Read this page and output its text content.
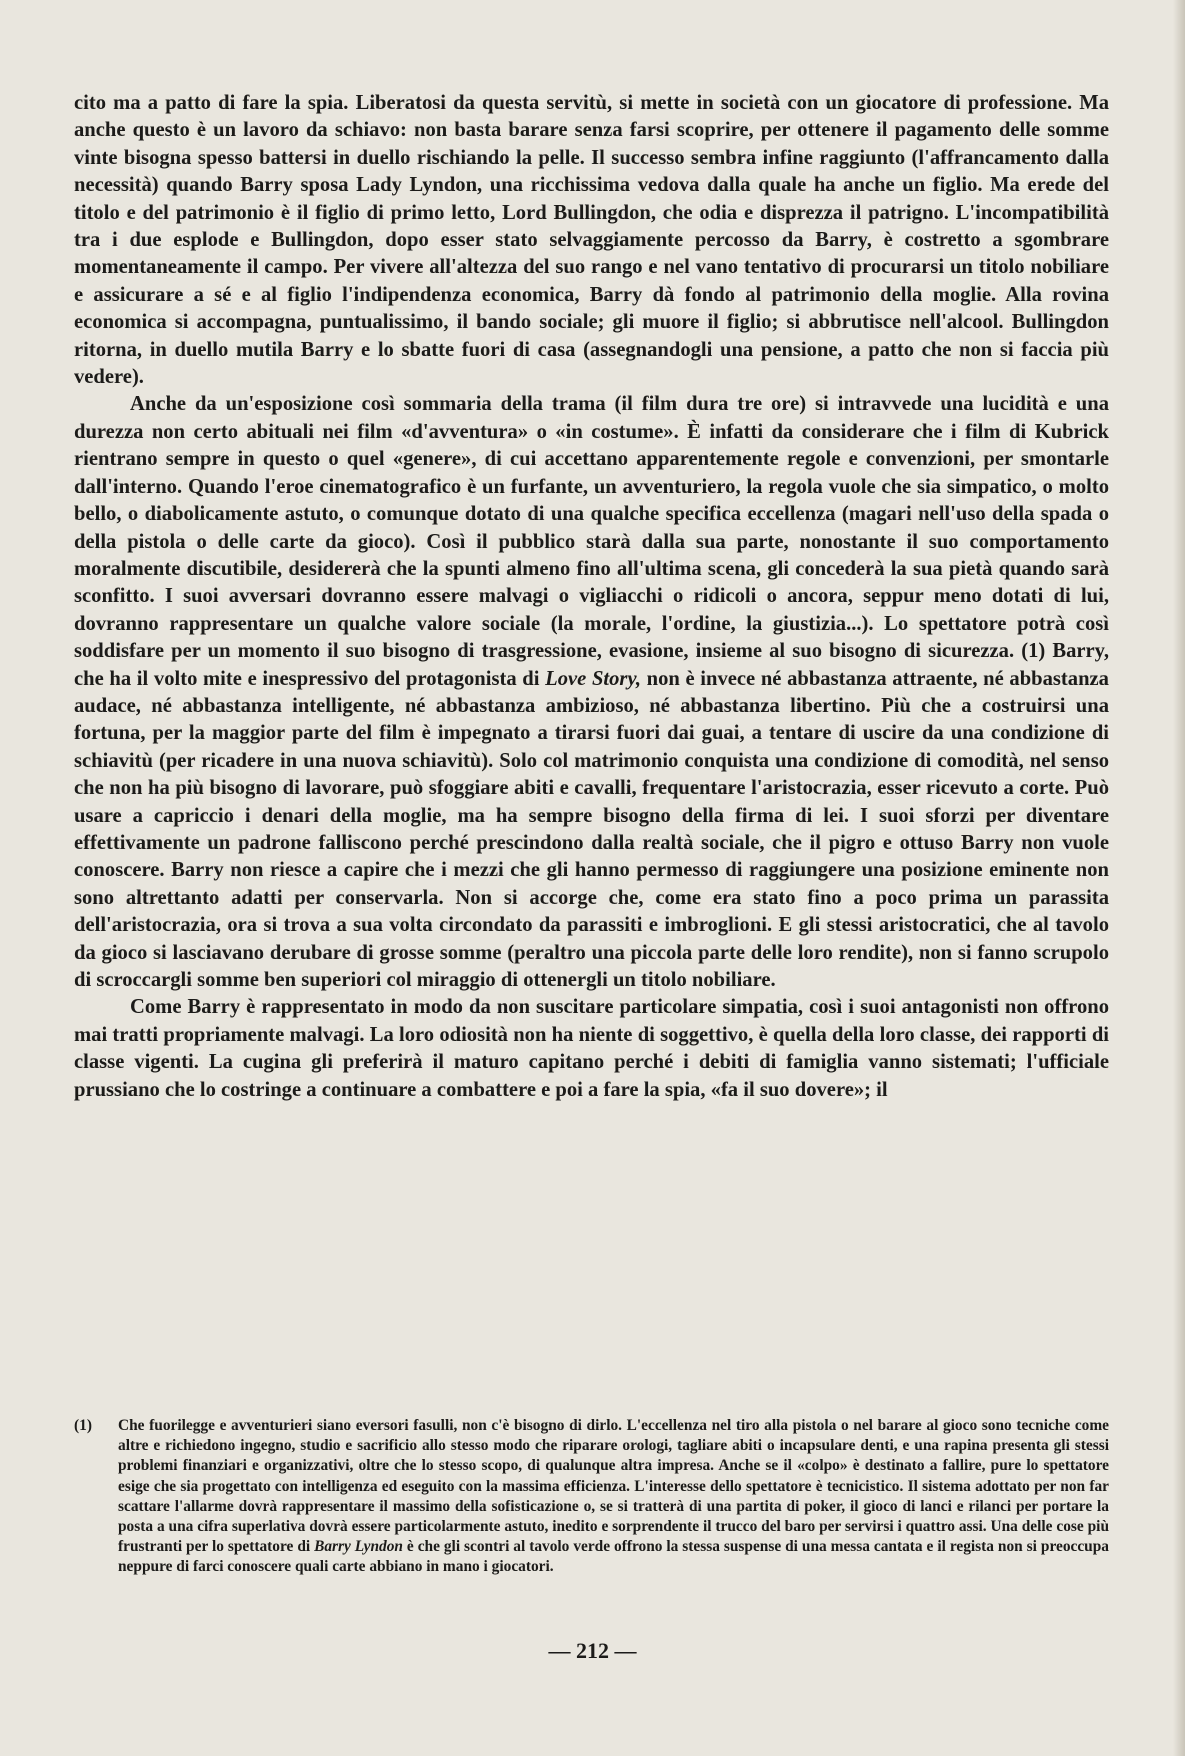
cito ma a patto di fare la spia. Liberatosi da questa servitù, si mette in società con un giocatore di professione. Ma anche questo è un lavoro da schiavo: non basta barare senza farsi scoprire, per ottenere il pagamento delle somme vinte bisogna spesso battersi in duello rischiando la pelle. Il successo sembra infine raggiunto (l'affrancamento dalla necessità) quando Barry sposa Lady Lyndon, una ricchissima vedova dalla quale ha anche un figlio. Ma erede del titolo e del patrimonio è il figlio di primo letto, Lord Bullingdon, che odia e disprezza il patrigno. L'incompatibilità tra i due esplode e Bullingdon, dopo esser stato selvaggiamente percosso da Barry, è costretto a sgombrare momentaneamente il campo. Per vivere all'altezza del suo rango e nel vano tentativo di procurarsi un titolo nobiliare e assicurare a sé e al figlio l'indipendenza economica, Barry dà fondo al patrimonio della moglie. Alla rovina economica si accompagna, puntualissimo, il bando sociale; gli muore il figlio; si abbrutisce nell'alcool. Bullingdon ritorna, in duello mutila Barry e lo sbatte fuori di casa (assegnandogli una pensione, a patto che non si faccia più vedere).

Anche da un'esposizione così sommaria della trama (il film dura tre ore) si intravvede una lucidità e una durezza non certo abituali nei film «d'avventura» o «in costume». È infatti da considerare che i film di Kubrick rientrano sempre in questo o quel «genere», di cui accettano apparentemente regole e convenzioni, per smontarle dall'interno. Quando l'eroe cinematografico è un furfante, un avventuriero, la regola vuole che sia simpatico, o molto bello, o diabolicamente astuto, o comunque dotato di una qualche specifica eccellenza (magari nell'uso della spada o della pistola o delle carte da gioco). Così il pubblico starà dalla sua parte, nonostante il suo comportamento moralmente discutibile, desidererà che la spunti almeno fino all'ultima scena, gli concederà la sua pietà quando sarà sconfitto. I suoi avversari dovranno essere malvagi o vigliacchi o ridicoli o ancora, seppur meno dotati di lui, dovranno rappresentare un qualche valore sociale (la morale, l'ordine, la giustizia...). Lo spettatore potrà così soddisfare per un momento il suo bisogno di trasgressione, evasione, insieme al suo bisogno di sicurezza. (1) Barry, che ha il volto mite e inespressivo del protagonista di Love Story, non è invece né abbastanza attraente, né abbastanza audace, né abbastanza intelligente, né abbastanza ambizioso, né abbastanza libertino. Più che a costruirsi una fortuna, per la maggior parte del film è impegnato a tirarsi fuori dai guai, a tentare di uscire da una condizione di schiavitù (per ricadere in una nuova schiavitù). Solo col matrimonio conquista una condizione di comodità, nel senso che non ha più bisogno di lavorare, può sfoggiare abiti e cavalli, frequentare l'aristocrazia, esser ricevuto a corte. Può usare a capriccio i denari della moglie, ma ha sempre bisogno della firma di lei. I suoi sforzi per diventare effettivamente un padrone falliscono perché prescindono dalla realtà sociale, che il pigro e ottuso Barry non vuole conoscere. Barry non riesce a capire che i mezzi che gli hanno permesso di raggiungere una posizione eminente non sono altrettanto adatti per conservarla. Non si accorge che, come era stato fino a poco prima un parassita dell'aristocrazia, ora si trova a sua volta circondato da parassiti e imbroglioni. E gli stessi aristocratici, che al tavolo da gioco si lasciavano derubare di grosse somme (peraltro una piccola parte delle loro rendite), non si fanno scrupolo di scroccargli somme ben superiori col miraggio di ottenergli un titolo nobiliare.

Come Barry è rappresentato in modo da non suscitare particolare simpatia, così i suoi antagonisti non offrono mai tratti propriamente malvagi. La loro odiosità non ha niente di soggettivo, è quella della loro classe, dei rapporti di classe vigenti. La cugina gli preferirà il maturo capitano perché i debiti di famiglia vanno sistemati; l'ufficiale prussiano che lo costringe a continuare a combattere e poi a fare la spia, «fa il suo dovere»; il

(1) Che fuorilegge e avventurieri siano eversori fasulli, non c'è bisogno di dirlo. L'eccellenza nel tiro alla pistola o nel barare al gioco sono tecniche come altre e richiedono ingegno, studio e sacrificio allo stesso modo che riparare orologi, tagliare abiti o incapsulare denti, e una rapina presenta gli stessi problemi finanziari e organizzativi, oltre che lo stesso scopo, di qualunque altra impresa. Anche se il «colpo» è destinato a fallire, pure lo spettatore esige che sia progettato con intelligenza ed eseguito con la massima efficienza. L'interesse dello spettatore è tecnicistico. Il sistema adottato per non far scattare l'allarme dovrà rappresentare il massimo della sofisticazione o, se si tratterà di una partita di poker, il gioco di lanci e rilanci per portare la posta a una cifra superlativa dovrà essere particolarmente astuto, inedito e sorprendente il trucco del baro per servirsi i quattro assi. Una delle cose più frustranti per lo spettatore di Barry Lyndon è che gli scontri al tavolo verde offrono la stessa suspense di una messa cantata e il regista non si preoccupa neppure di farci conoscere quali carte abbiano in mano i giocatori.
— 212 —
